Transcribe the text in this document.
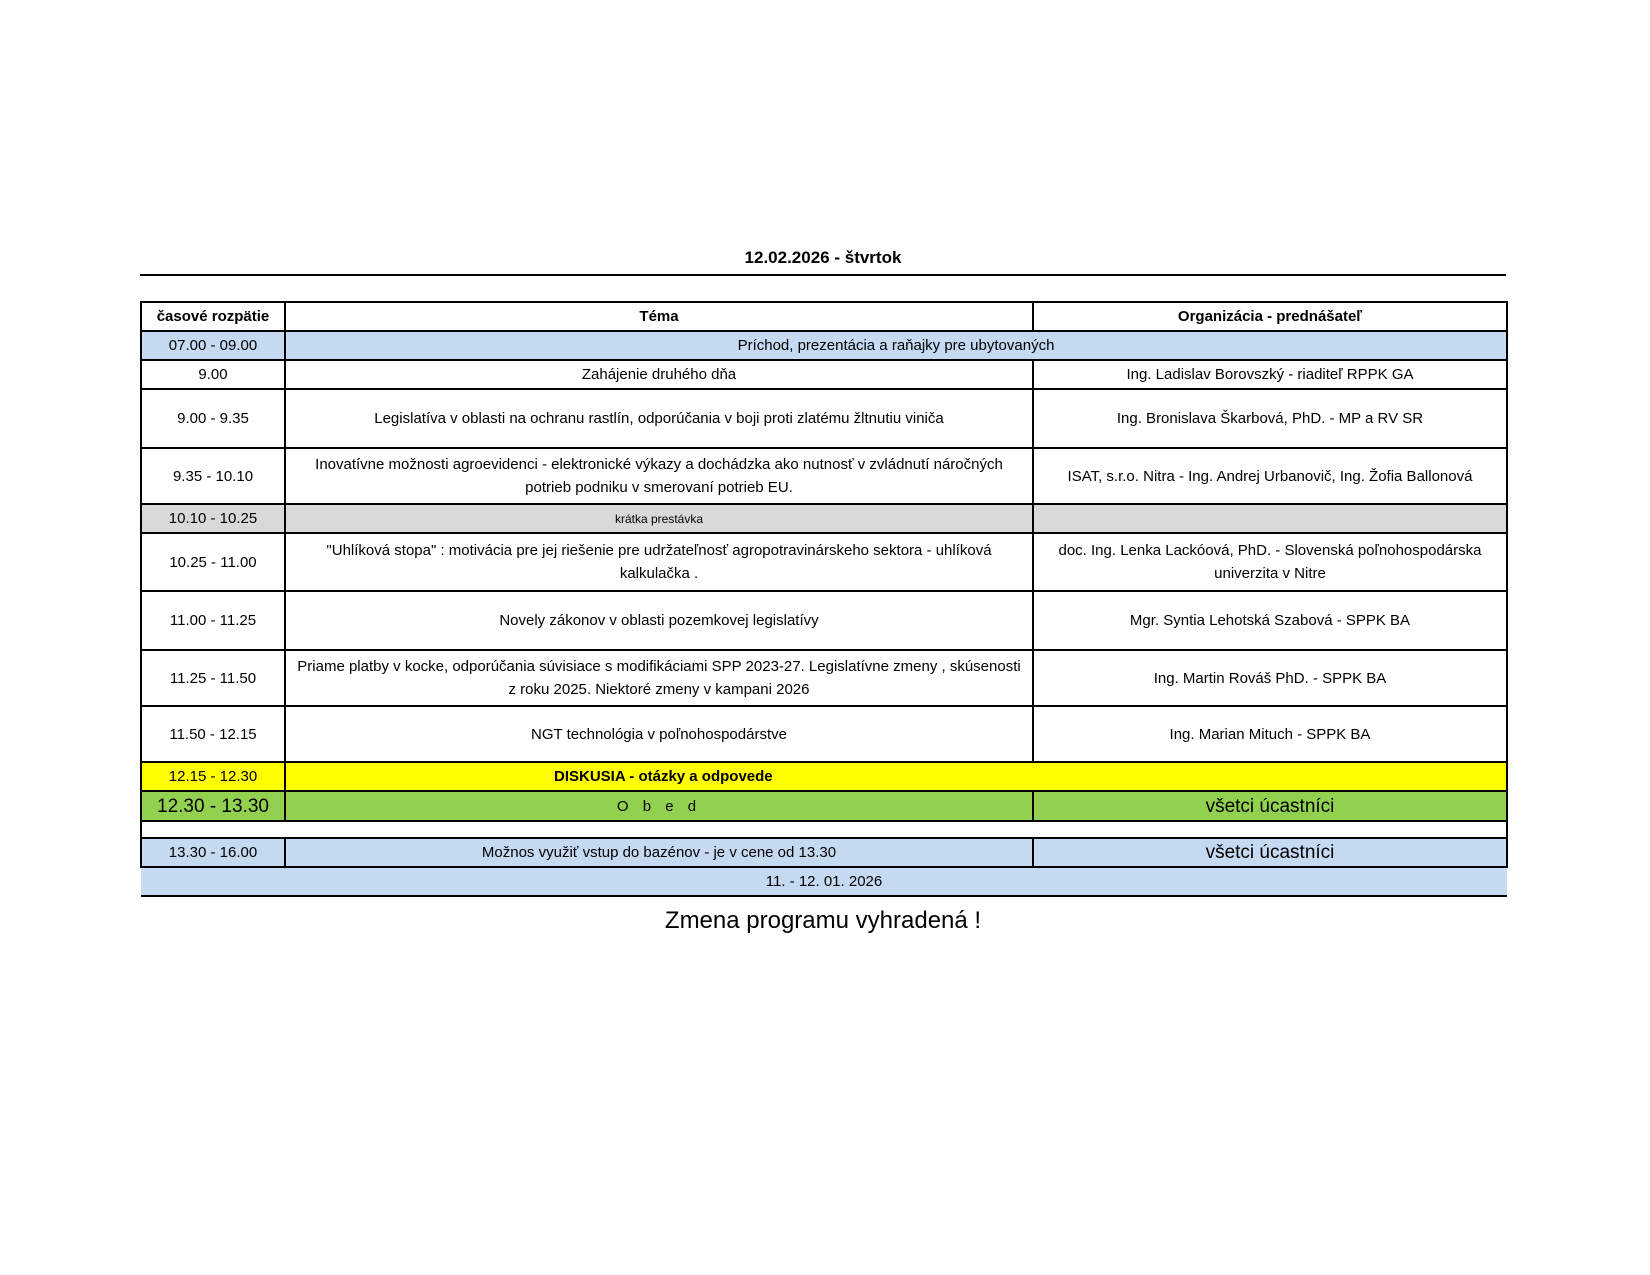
12.02.2026 - štvrtok
časové rozpätie	Téma	Organizácia - prednášateľ
07.00 - 09.00	Príchod, prezentácia a raňajky pre ubytovaných	
9.00	Zahájenie druhého dňa	Ing. Ladislav Borovszký - riaditeľ RPPK GA
9.00 - 9.35	Legislatíva v oblasti na ochranu rastlín, odporúčania v boji proti zlatému žltnutiu viniča	Ing. Bronislava Škarbová, PhD. - MP a RV SR
9.35 - 10.10	Inovatívne možnosti agroevidenci - elektronické výkazy a dochádzka ako nutnosť v zvládnutí náročných potrieb podniku v smerovaní potrieb EU.	ISAT, s.r.o. Nitra - Ing. Andrej Urbanovič, Ing. Žofia Ballonová
10.10 - 10.25	krátka prestávka	
10.25 - 11.00	"Uhlíková stopa" : motivácia pre jej riešenie pre udržateľnosť agropotravinárskeho sektora - uhlíková kalkulačka .	doc. Ing. Lenka Lackóová, PhD. - Slovenská poľnohospodárska univerzita v Nitre
11.00 - 11.25	Novely zákonov v oblasti pozemkovej legislatívy	Mgr. Syntia Lehotská Szabová - SPPK BA
11.25 - 11.50	Priame platby v kocke, odporúčania súvisiace s modifikáciami SPP 2023-27. Legislatívne zmeny , skúsenosti z roku 2025. Niektoré zmeny v kampani 2026	Ing. Martin Rováš PhD. - SPPK BA
11.50 - 12.15	NGT technológia v poľnohospodárstve	Ing. Marian Mituch - SPPK BA
12.15 - 12.30	DISKUSIA - otázky a odpovede	
12.30 - 13.30	O b e d	všetci úcastníci

13.30 - 16.00	Možnos využiť vstup do bazénov - je v cene od 13.30	všetci úcastníci
11. - 12. 01. 2026		
Zmena programu vyhradená !
